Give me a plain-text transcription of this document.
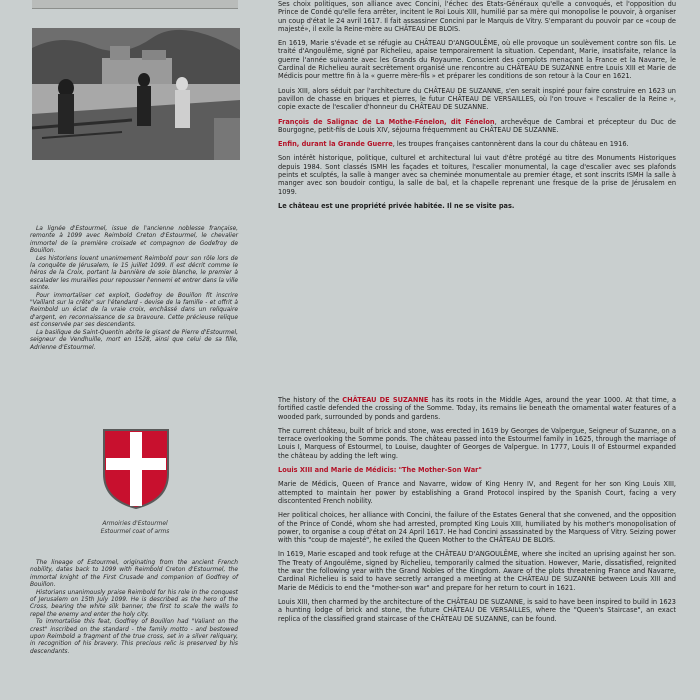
La lignée d'Estourmel, issue de l'ancienne noblesse française, remonte à 1099 avec Reimbold Creton d'Estourmel, le chevalier immortel de la première croisade et compagnon de Godefroy de Bouillon.

Les historiens louent unanimement Reimbold pour son rôle lors de la conquête de Jérusalem, le 15 juillet 1099. Il est décrit comme le héros de la Croix, portant la bannière de soie blanche, le premier à escalader les murailles pour repousser l'ennemi et entrer dans la ville sainte.

Pour immortaliser cet exploit, Godefroy de Bouillon fit inscrire "Vaillant sur la crête" sur l'étendard - devise de la famille - et offrit à Reimbold un éclat de la vraie croix, enchâssé dans un reliquaire d'argent, en reconnaissance de sa bravoure. Cette précieuse relique est conservée par ses descendants.

La basilique de Saint-Quentin abrite le gisant de Pierre d'Estourmel, seigneur de Vendhuille, mort en 1528, ainsi que celui de sa fille, Adrienne d'Estourmel.

Armoiries d'Estourmel
Estourmel coat of arms

The lineage of Estourmel, originating from the ancient French nobility, dates back to 1099 with Reimbold Creton d'Estourmel, the immortal knight of the First Crusade and companion of Godfrey of Bouillon.

Historians unanimously praise Reimbold for his role in the conquest of Jerusalem on 15th July 1099. He is described as the hero of the Cross, bearing the white silk banner, the first to scale the walls to repel the enemy and enter the holy city.

To immortalise this feat, Godfrey of Bouillon had "Valiant on the crest" inscribed on the standard - the family motto - and bestowed upon Reimbold a fragment of the true cross, set in a silver reliquary, in recognition of his bravery. This precious relic is preserved by his descendants.

Ses choix politiques, son alliance avec Concini, l'échec des États-Généraux qu'elle a convoqués, et l'opposition du Prince de Condé qu'elle fera arrêter, incitent le Roi Louis XIII, humilié par sa mère qui monopolise le pouvoir, à organiser un coup d'état le 24 avril 1617. Il fait assassiner Concini par le Marquis de Vitry. S'emparant du pouvoir par ce «coup de majesté», il exile la Reine-mère au CHÂTEAU DE BLOIS.

En 1619, Marie s'évade et se réfugie au CHÂTEAU D'ANGOULÊME, où elle provoque un soulèvement contre son fils. Le traité d'Angoulême, signé par Richelieu, apaise temporairement la situation. Cependant, Marie, insatisfaite, relance la guerre l'année suivante avec les Grands du Royaume. Conscient des complots menaçant la France et la Navarre, le Cardinal de Richelieu aurait secrètement organisé une rencontre au CHÂTEAU DE SUZANNE entre Louis XIII et Marie de Médicis pour mettre fin à la « guerre mère-fils » et préparer les conditions de son retour à la Cour en 1621.

Louis XIII, alors séduit par l'architecture du CHÂTEAU DE SUZANNE, s'en serait inspiré pour faire construire en 1623 un pavillon de chasse en briques et pierres, le futur CHÂTEAU DE VERSAILLES, où l'on trouve « l'escalier de la Reine », copie exacte de l'escalier d'honneur du CHÂTEAU DE SUZANNE.

François de Salignac de La Mothe-Fénelon, dit Fénelon, archevêque de Cambrai et précepteur du Duc de Bourgogne, petit-fils de Louis XIV, séjourna fréquemment au CHÂTEAU DE SUZANNE.

Enfin, durant la Grande Guerre, les troupes françaises cantonnèrent dans la cour du château en 1916.

Son intérêt historique, politique, culturel et architectural lui vaut d'être protégé au titre des Monuments Historiques depuis 1984. Sont classés ISMH les façades et toitures, l'escalier monumental, la cage d'escalier avec ses plafonds peints et sculptés, la salle à manger avec sa cheminée monumentale au premier étage, et sont inscrits ISMH la salle à manger avec son boudoir contigu, la salle de bal, et la chapelle reprenant une fresque de la prise de Jérusalem en 1099.

Le château est une propriété privée habitée. Il ne se visite pas.

The history of the CHÂTEAU DE SUZANNE has its roots in the Middle Ages, around the year 1000. At that time, a fortified castle defended the crossing of the Somme. Today, its remains lie beneath the ornamental water features of a wooded park, surrounded by ponds and gardens.

The current château, built of brick and stone, was erected in 1619 by Georges de Valpergue, Seigneur of Suzanne, on a terrace overlooking the Somme ponds. The château passed into the Estourmel family in 1625, through the marriage of Louis I, Marquess of Estourmel, to Louise, daughter of Georges de Valpergue. In 1777, Louis II of Estourmel expanded the château by adding the left wing.

Louis XIII and Marie de Médicis: "The Mother-Son War"

Marie de Médicis, Queen of France and Navarre, widow of King Henry IV, and Regent for her son King Louis XIII, attempted to maintain her power by establishing a Grand Protocol inspired by the Spanish Court, facing a very discontented French nobility.

Her political choices, her alliance with Concini, the failure of the Estates General that she convened, and the opposition of the Prince of Condé, whom she had arrested, prompted King Louis XIII, humiliated by his mother's monopolisation of power, to organise a coup d'état on 24 April 1617. He had Concini assassinated by the Marquess of Vitry. Seizing power with this "coup de majesté", he exiled the Queen Mother to the CHÂTEAU DE BLOIS.

In 1619, Marie escaped and took refuge at the CHÂTEAU D'ANGOULÊME, where she incited an uprising against her son. The Treaty of Angoulême, signed by Richelieu, temporarily calmed the situation. However, Marie, dissatisfied, reignited the war the following year with the Grand Nobles of the Kingdom. Aware of the plots threatening France and Navarre, Cardinal Richelieu is said to have secretly arranged a meeting at the CHÂTEAU DE SUZANNE between Louis XIII and Marie de Médicis to end the "mother-son war" and prepare for her return to court in 1621.

Louis XIII, then charmed by the architecture of the CHÂTEAU DE SUZANNE, is said to have been inspired to build in 1623 a hunting lodge of brick and stone, the future CHÂTEAU DE VERSAILLES, where the "Queen's Staircase", an exact replica of the classified grand staircase of the CHÂTEAU DE SUZANNE, can be found.
